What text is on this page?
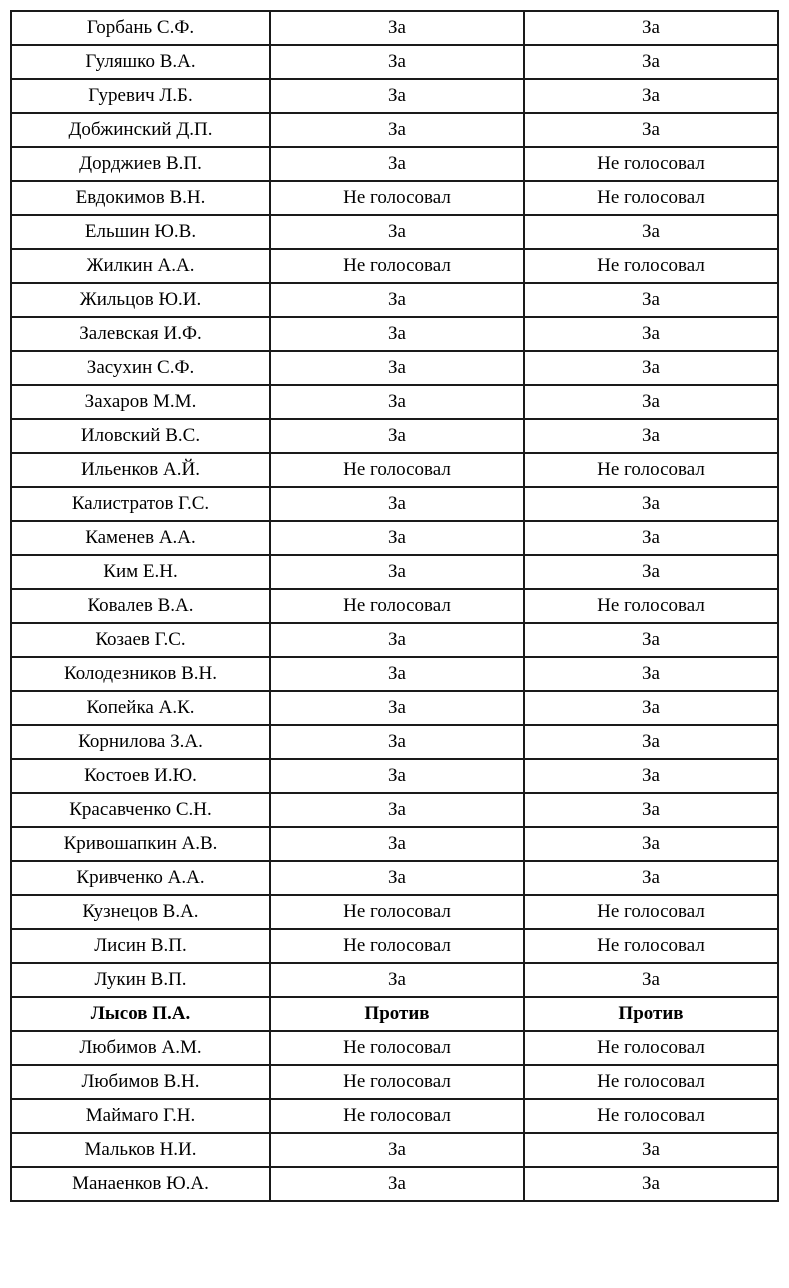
Горбань С.Ф.	За	За
Гуляшко В.А.	За	За
Гуревич Л.Б.	За	За
Добжинский Д.П.	За	За
Дорджиев В.П.	За	Не голосовал
Евдокимов В.Н.	Не голосовал	Не голосовал
Ельшин Ю.В.	За	За
Жилкин А.А.	Не голосовал	Не голосовал
Жильцов Ю.И.	За	За
Залевская И.Ф.	За	За
Засухин С.Ф.	За	За
Захаров М.М.	За	За
Иловский В.С.	За	За
Ильенков А.Й.	Не голосовал	Не голосовал
Калистратов Г.С.	За	За
Каменев А.А.	За	За
Ким Е.Н.	За	За
Ковалев В.А.	Не голосовал	Не голосовал
Козаев Г.С.	За	За
Колодезников В.Н.	За	За
Копейка А.К.	За	За
Корнилова З.А.	За	За
Костоев И.Ю.	За	За
Красавченко С.Н.	За	За
Кривошапкин А.В.	За	За
Кривченко А.А.	За	За
Кузнецов В.А.	Не голосовал	Не голосовал
Лисин В.П.	Не голосовал	Не голосовал
Лукин В.П.	За	За
Лысов П.А.	Против	Против
Любимов А.М.	Не голосовал	Не голосовал
Любимов В.Н.	Не голосовал	Не голосовал
Маймаго Г.Н.	Не голосовал	Не голосовал
Мальков Н.И.	За	За
Манаенков Ю.А.	За	За
